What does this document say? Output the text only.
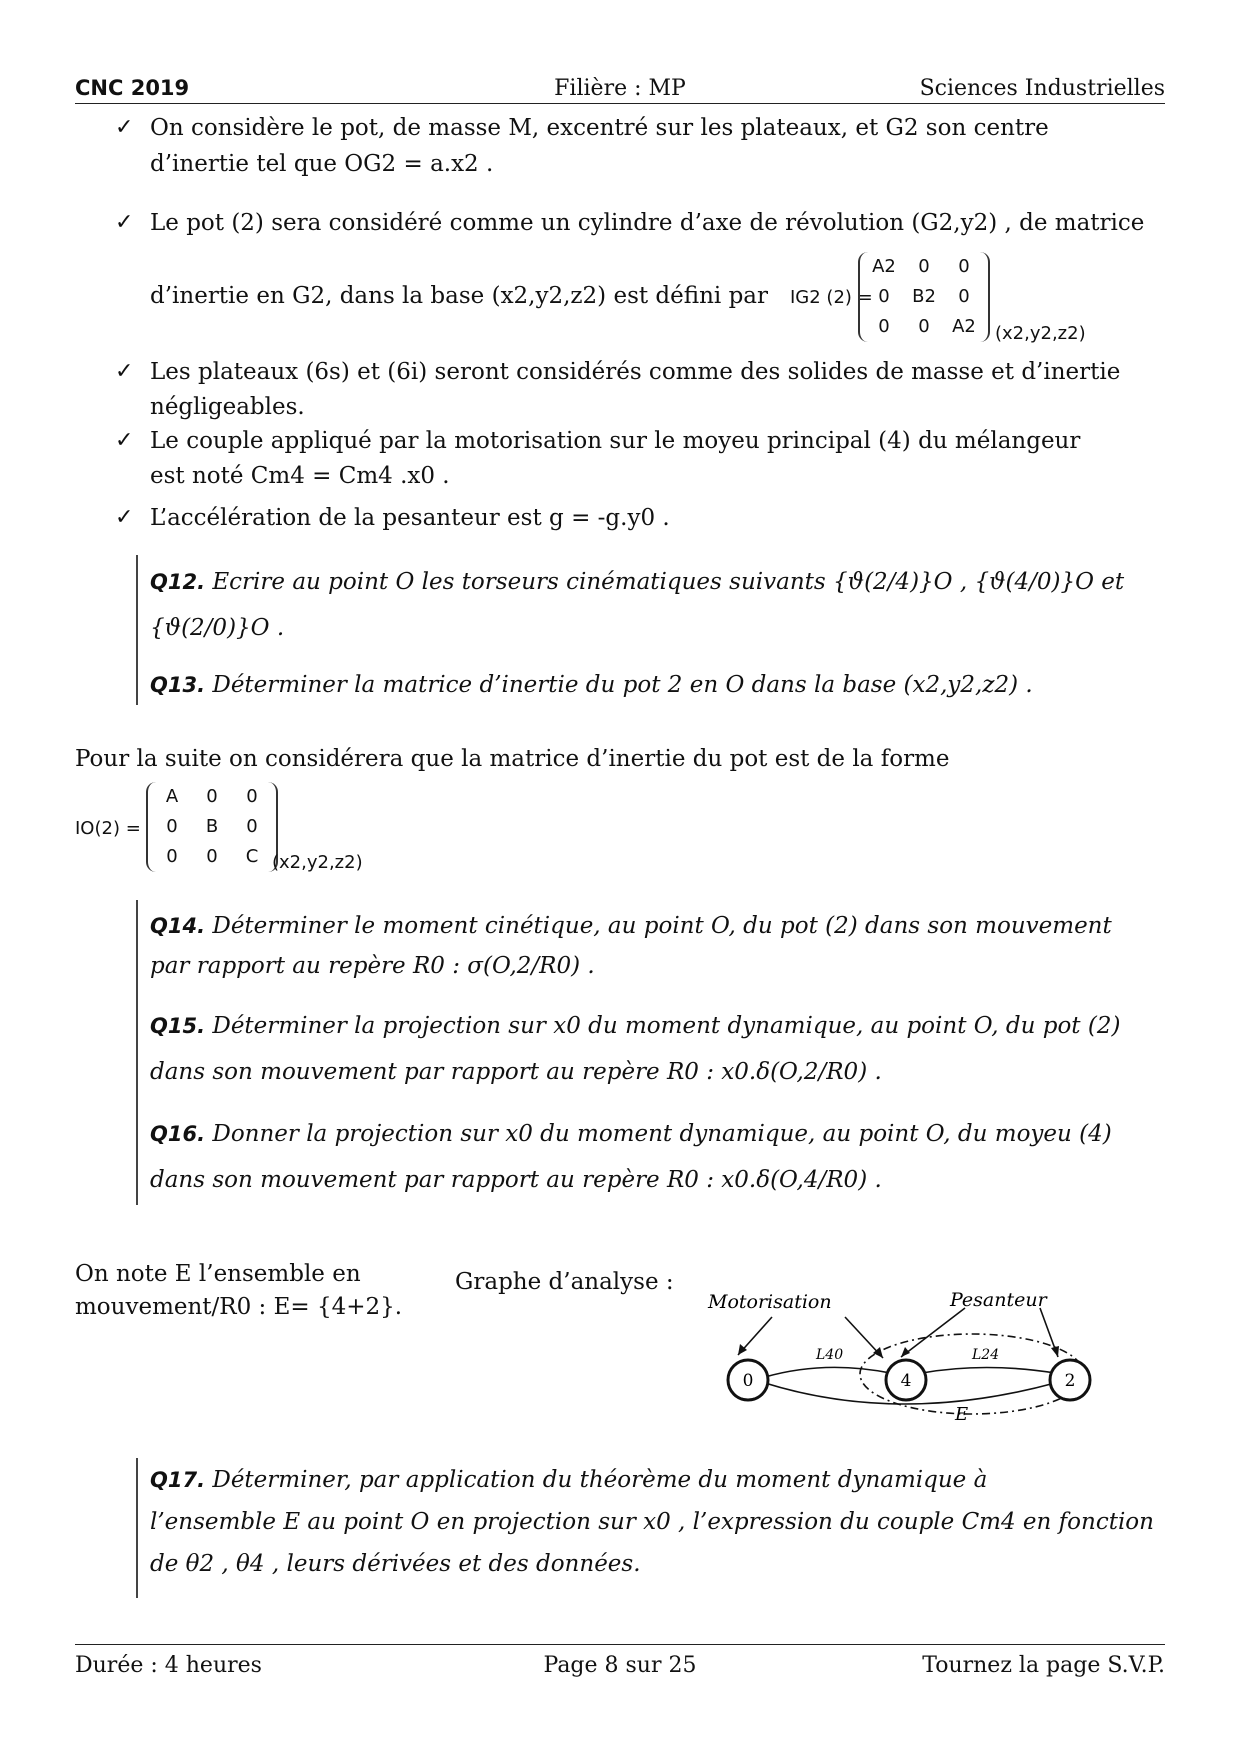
CNC 2019	Filière : MP	Sciences Industrielles
✓ On considère le pot, de masse M, excentré sur les plateaux, et G2 son centre
d’inertie tel que OG2 = a.x2 .
✓ Le pot (2) sera considéré comme un cylindre d’axe de révolution (G2,y2) , de matrice
d’inertie en G2, dans la base (x2,y2,z2) est défini par	IG2 (2) =
A2	0	0
0	B2	0
0	0	A2	(x2,y2,z2)
✓ Les plateaux (6s) et (6i) seront considérés comme des solides de masse et d’inertie
négligeables.
✓ Le couple appliqué par la motorisation sur le moyeu principal (4) du mélangeur
est noté Cm4 = Cm4 .x0 .
✓ L’accélération de la pesanteur est g = -g.y0 .
Q12. Ecrire au point O les torseurs cinématiques suivants {ϑ(2/4)}O , {ϑ(4/0)}O et
{ϑ(2/0)}O .
Q13. Déterminer la matrice d’inertie du pot 2 en O dans la base (x2,y2,z2) .
Pour la suite on considérera que la matrice d’inertie du pot est de la forme
IO(2) =
A	0	0
0	B	0
0	0	C (x2,y2,z2)
Q14. Déterminer le moment cinétique, au point O, du pot (2) dans son mouvement
par rapport au repère R0 : σ(O,2/R0) .
Q15. Déterminer la projection sur x0 du moment dynamique, au point O, du pot (2)
dans son mouvement par rapport au repère R0 : x0.δ(O,2/R0) .
Q16. Donner la projection sur x0 du moment dynamique, au point O, du moyeu (4)
dans son mouvement par rapport au repère R0 : x0.δ(O,4/R0) .
On note E l’ensemble en
mouvement/R0 : E= {4+2}.
Graphe d’analyse :
0	4	2
Motorisation	Pesanteur
L40	L24
E
Q17. Déterminer, par application du théorème du moment dynamique à
l’ensemble E au point O en projection sur x0 , l’expression du couple Cm4 en fonction
de θ2 , θ4 , leurs dérivées et des données.
Durée : 4 heures	Page 8 sur 25	Tournez la page S.V.P.
